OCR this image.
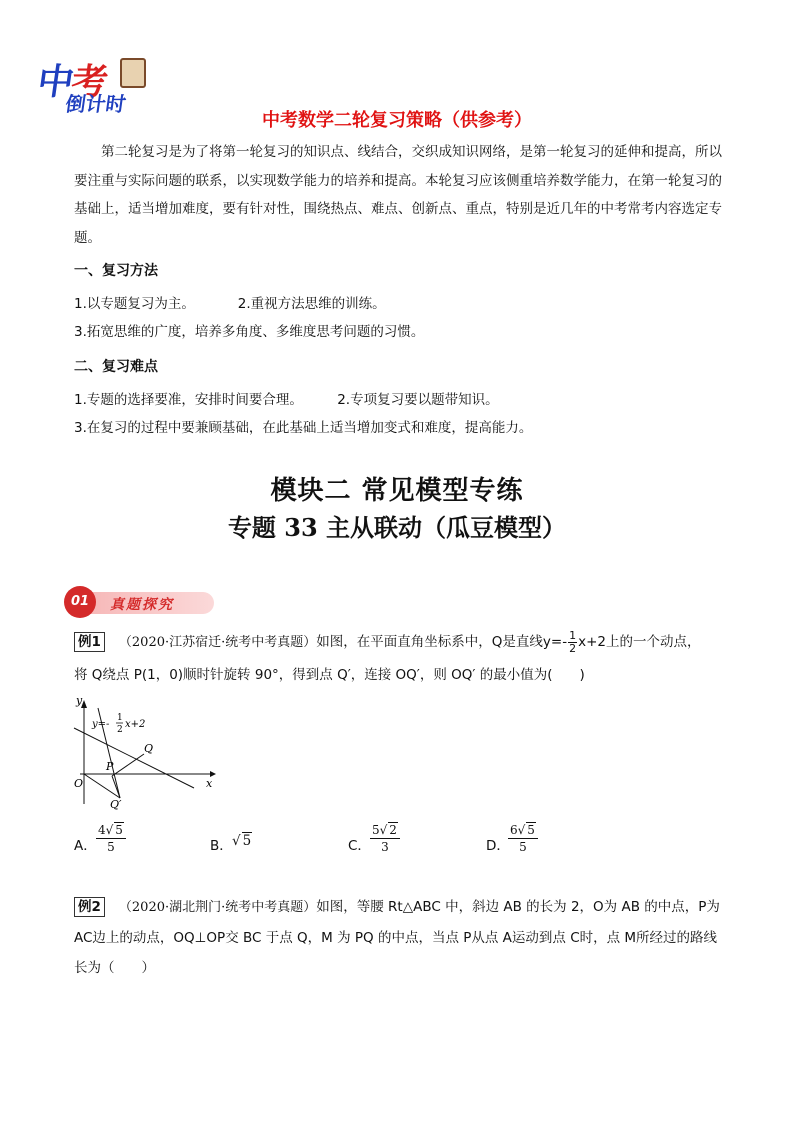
中考
倒计时
中考数学二轮复习策略（供参考）
第二轮复习是为了将第一轮复习的知识点、线结合，交织成知识网络，是第一轮复习的延伸和提高，所以要注重与实际问题的联系，以实现数学能力的培养和提高。本轮复习应该侧重培养数学能力，在第一轮复习的基础上，适当增加难度，要有针对性，围绕热点、难点、创新点、重点，特别是近几年的中考常考内容选定专题。
一、复习方法
1.以专题复习为主。          2.重视方法思维的训练。
3.拓宽思维的广度，培养多角度、多维度思考问题的习惯。
二、复习难点
1.专题的选择要准，安排时间要合理。        2.专项复习要以题带知识。
3.在复习的过程中要兼顾基础，在此基础上适当增加变式和难度，提高能力。
模块二 常见模型专练
专题 33 主从联动（瓜豆模型）
01	真题探究
例1 （2020·江苏宿迁·统考中考真题）如图，在平面直角坐标系中，Q是直线$y=- \frac{1}{2} x+2$上的一个动点，
将 Q绕点 P(1，0)顺时针旋转 90°，得到点 Q′，连接 OQ′，则 OQ′ 的最小值为(　　)
y
x
O
P
Q
Q′
y=-
1
2 x+2
A． $\frac{4√ 5}{5}$	B． √ 5	C． $\frac{5√ 2}{3}$	D．
$\frac{6√ 5}{5}$
例2 （2020·湖北荆门·统考中考真题）如图，等腰 Rt△ABC 中，斜边 AB 的长为 2，O为 AB 的中点，P为 AC边上的动点，OQ⊥OP交 BC 于点 Q，M 为 PQ 的中点，当点 P从点 A运动到点 C时，点 M所经过的路线长为（　　）
